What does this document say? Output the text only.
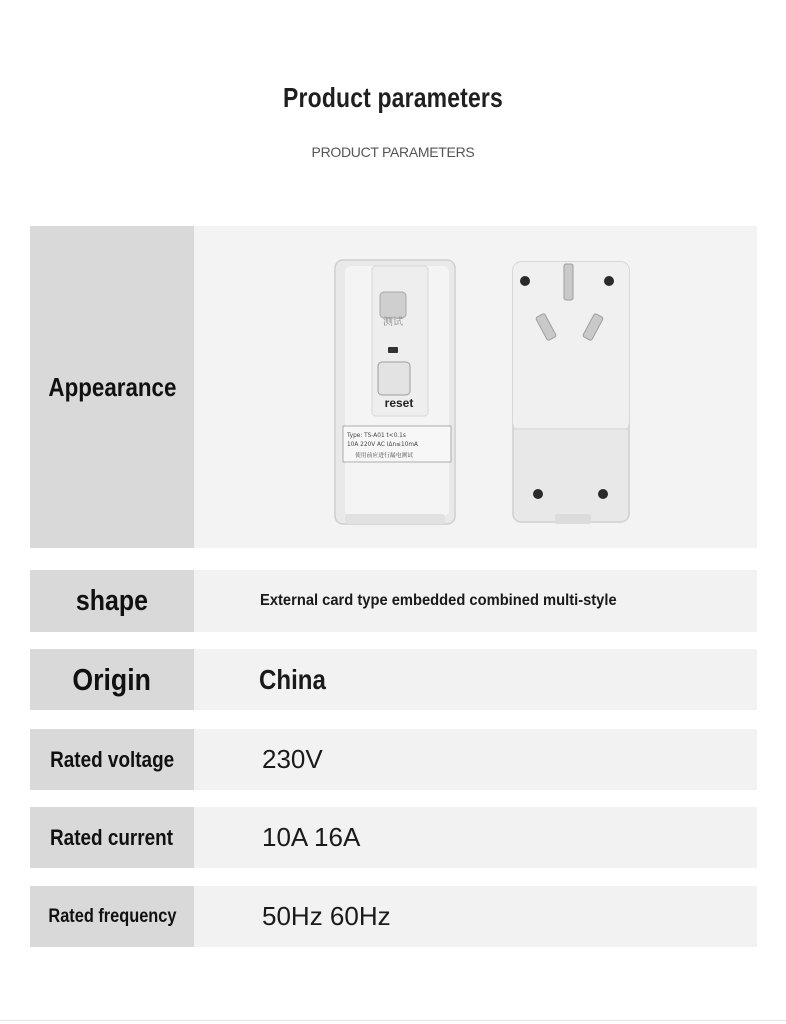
Product parameters
PRODUCT PARAMETERS
Appearance
测试
reset
Type: TS-A01 t<0.1s
10A 220V AC IΔn≤10mA
使用前应进行漏电测试
shape	External card type embedded combined multi-style
Origin	China
Rated voltage	230V
Rated current	10A 16A
Rated frequency	50Hz 60Hz
